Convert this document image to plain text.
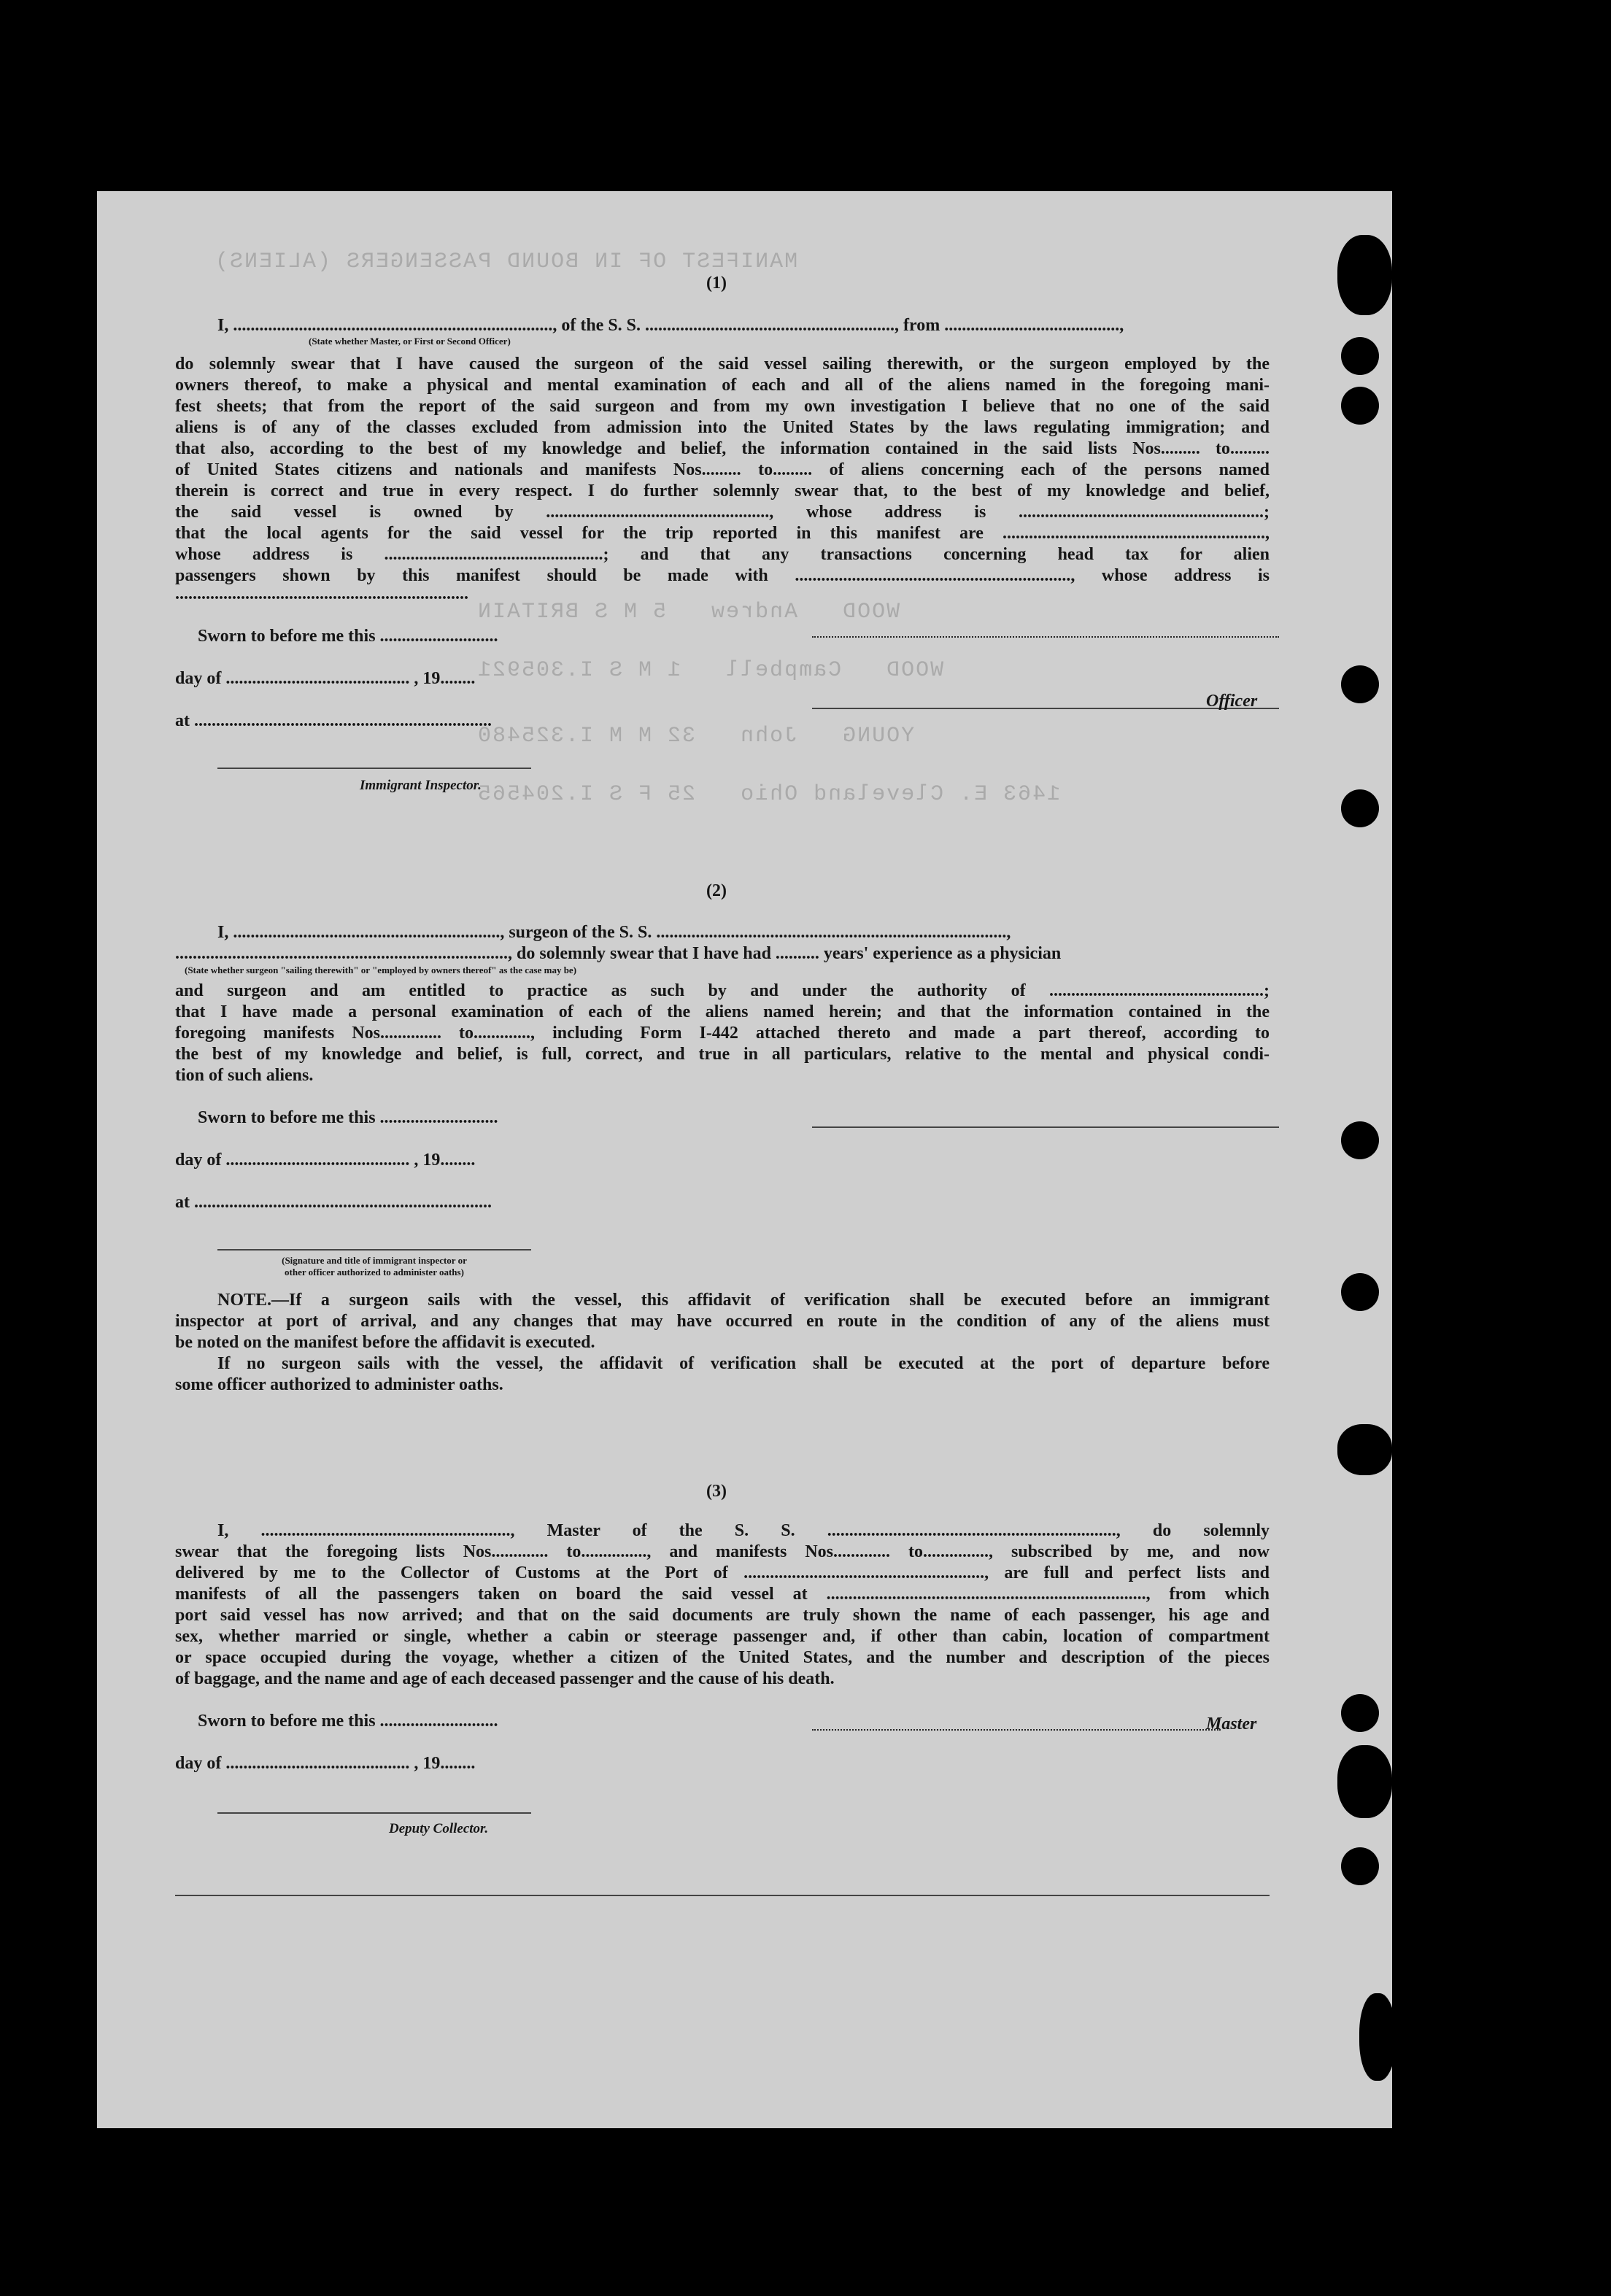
MANIFEST OF IN BOUND PASSENGERS (ALIENS)
WOOD   Andrew   5 M S BRITAIN
WOOD   Campbell   1 M S I.305921
YOUNG   John   32 M M I.325480
1463 E. Cleveland Ohio   25 F S I.204565
(1)
I, ........................................................................., of the S. S. ........................................................., from ........................................,
(State whether Master, or First or Second Officer)
do solemnly swear that I have caused the surgeon of the said vessel sailing therewith, or the surgeon employed by the
owners thereof, to make a physical and mental examination of each and all of the aliens named in the foregoing mani-
fest sheets; that from the report of the said surgeon and from my own investigation I believe that no one of the said
aliens is of any of the classes excluded from admission into the United States by the laws regulating immigration; and
that also, according to the best of my knowledge and belief, the information contained in the said lists Nos......... to.........
of United States citizens and nationals and manifests Nos......... to......... of aliens concerning each of the persons named
therein is correct and true in every respect. I do further solemnly swear that, to the best of my knowledge and belief,
the said vessel is owned by ..................................................., whose address is ........................................................;
that the local agents for the said vessel for the trip reported in this manifest are ............................................................,
whose address is ..................................................; and that any transactions concerning head tax for alien
passengers shown by this manifest should be made with ..............................................................., whose address is
...................................................................
Sworn to before me this ...........................
day of .......................................... , 19........
at ....................................................................
Officer
Immigrant Inspector.
(2)
I, ............................................................., surgeon of the S. S. ................................................................................,
............................................................................, do solemnly swear that I have had .......... years' experience as a physician
(State whether surgeon "sailing therewith" or "employed by owners thereof" as the case may be)
and surgeon and am entitled to practice as such by and under the authority of .................................................;
that I have made a personal examination of each of the aliens named herein; and that the information contained in the
foregoing manifests Nos.............. to............., including Form I-442 attached thereto and made a part thereof, according to
the best of my knowledge and belief, is full, correct, and true in all particulars, relative to the mental and physical condi-
tion of such aliens.
Sworn to before me this ...........................
day of .......................................... , 19........
at ....................................................................
(Signature and title of immigrant inspector or
other officer authorized to administer oaths)
NOTE.—If a surgeon sails with the vessel, this affidavit of verification shall be executed before an immigrant
inspector at port of arrival, and any changes that may have occurred en route in the condition of any of the aliens must
be noted on the manifest before the affidavit is executed.
If no surgeon sails with the vessel, the affidavit of verification shall be executed at the port of departure before
some officer authorized to administer oaths.
(3)
I, ........................................................., Master of the S. S. .................................................................., do solemnly
swear that the foregoing lists Nos............. to..............., and manifests Nos............. to..............., subscribed by me, and now
delivered by me to the Collector of Customs at the Port of ......................................................., are full and perfect lists and
manifests of all the passengers taken on board the said vessel at ........................................................................., from which
port said vessel has now arrived; and that on the said documents are truly shown the name of each passenger, his age and
sex, whether married or single, whether a cabin or steerage passenger and, if other than cabin, location of compartment
or space occupied during the voyage, whether a citizen of the United States, and the number and description of the pieces
of baggage, and the name and age of each deceased passenger and the cause of his death.
Sworn to before me this ...........................	Master
day of .......................................... , 19........
Deputy Collector.
